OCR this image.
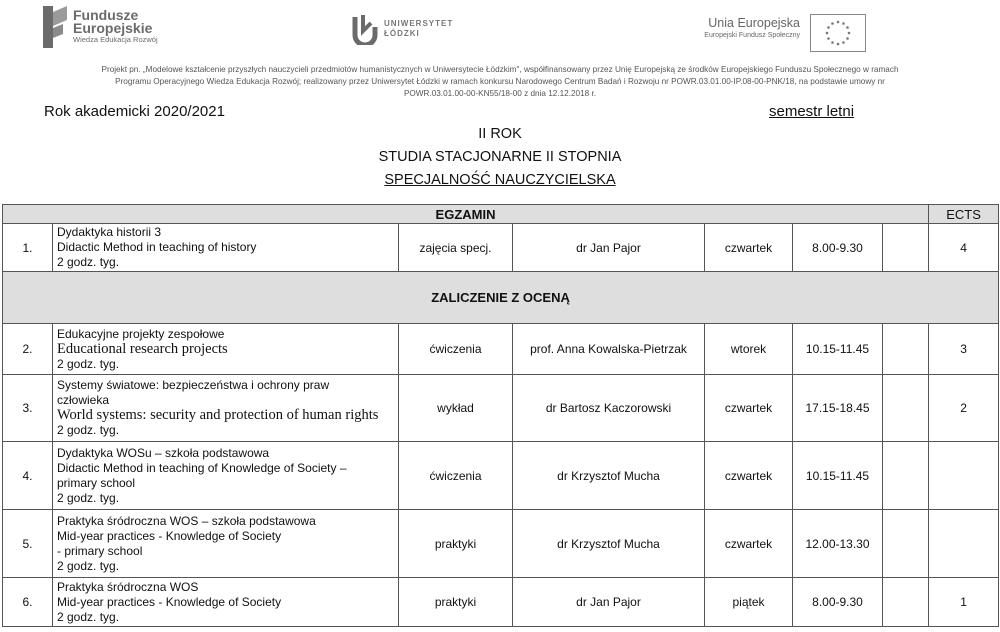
Fundusze
Europejskie
Wiedza Edukacja Rozwój
UNIWERSYTET
ŁÓDZKI
Unia Europejska
Europejski Fundusz Społeczny
Projekt pn. „Modelowe kształcenie przyszłych nauczycieli przedmiotów humanistycznych w Uniwersytecie Łódzkim", współfinansowany przez Unię Europejską ze środków Europejskiego Funduszu Społecznego w ramach
Programu Operacyjnego Wiedza Edukacja Rozwój; realizowany przez Uniwersytet Łódzki w ramach konkursu Narodowego Centrum Badań i Rozwoju nr POWR.03.01.00-IP.08-00-PNK/18, na podstawie umowy nr
POWR.03.01.00-00-KN55/18-00 z dnia 12.12.2018 r.
Rok akademicki 2020/2021	semestr letni
II ROK
STUDIA STACJONARNE II STOPNIA
SPECJALNOŚĆ NAUCZYCIELSKA
EGZAMIN							ECTS
1.	Dydaktyka historii 3
Didactic Method in teaching of history
2 godz. tyg.	zajęcia specj.	dr Jan Pajor	czwartek	8.00-9.30		4
ZALICZENIE Z OCENĄ							
2.	Edukacyjne projekty zespołowe
Educational research projects
2 godz. tyg.	ćwiczenia	prof. Anna Kowalska-Pietrzak	wtorek	10.15-11.45		3
3.	Systemy światowe: bezpieczeństwa i ochrony praw
człowieka
World systems: security and protection of human rights
2 godz. tyg.	wykład	dr Bartosz Kaczorowski	czwartek	17.15-18.45		2
4.	Dydaktyka WOSu – szkoła podstawowa
Didactic Method in teaching of Knowledge of Society –
primary school
2 godz. tyg.	ćwiczenia	dr Krzysztof Mucha	czwartek	10.15-11.45		
5.	Praktyka śródroczna WOS – szkoła podstawowa
Mid-year practices - Knowledge of Society
- primary school
2 godz. tyg.	praktyki	dr Krzysztof Mucha	czwartek	12.00-13.30		
6.	Praktyka śródroczna WOS
Mid-year practices - Knowledge of Society
2 godz. tyg.	praktyki	dr Jan Pajor	piątek	8.00-9.30		1
